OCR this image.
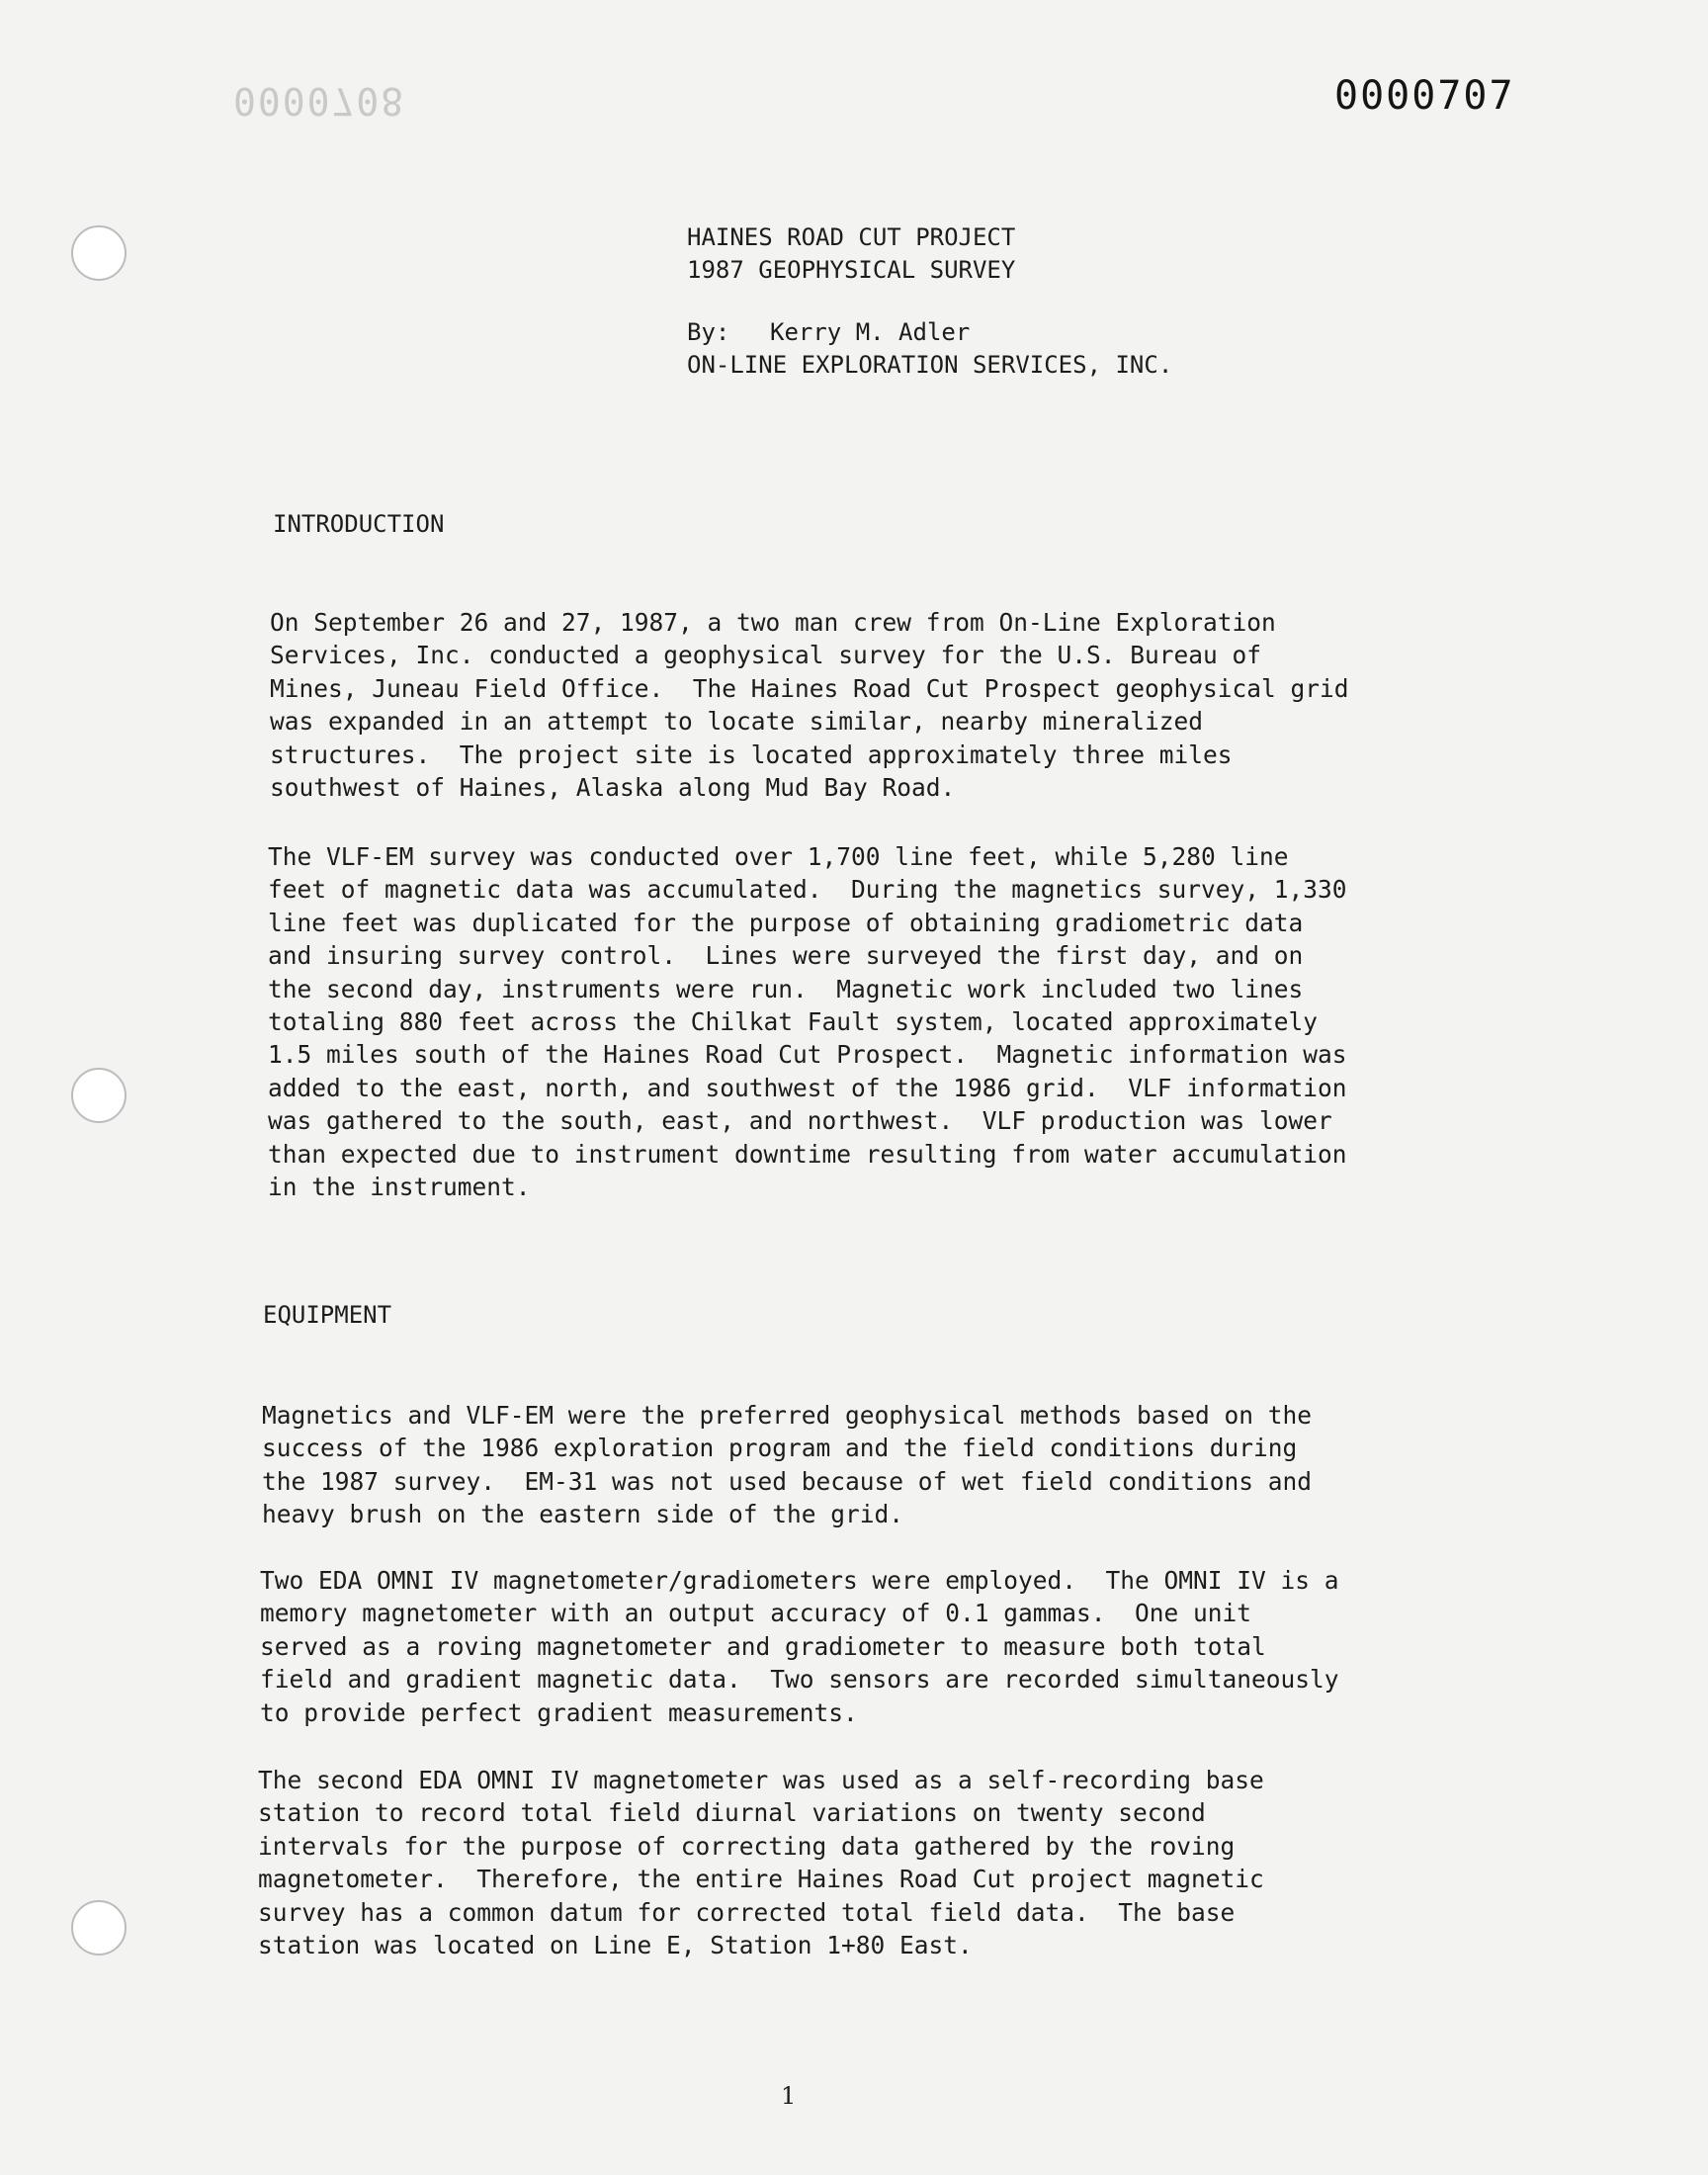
0000708	0000707
HAINES ROAD CUT PROJECT
1987 GEOPHYSICAL SURVEY
By: Kerry M. Adler
ON-LINE EXPLORATION SERVICES, INC.
INTRODUCTION
On September 26 and 27, 1987, a two man crew from On-Line Exploration
Services, Inc. conducted a geophysical survey for the U.S. Bureau of
Mines, Juneau Field Office.  The Haines Road Cut Prospect geophysical grid
was expanded in an attempt to locate similar, nearby mineralized
structures.  The project site is located approximately three miles
southwest of Haines, Alaska along Mud Bay Road.
The VLF-EM survey was conducted over 1,700 line feet, while 5,280 line
feet of magnetic data was accumulated.  During the magnetics survey, 1,330
line feet was duplicated for the purpose of obtaining gradiometric data
and insuring survey control.  Lines were surveyed the first day, and on
the second day, instruments were run.  Magnetic work included two lines
totaling 880 feet across the Chilkat Fault system, located approximately
1.5 miles south of the Haines Road Cut Prospect.  Magnetic information was
added to the east, north, and southwest of the 1986 grid.  VLF information
was gathered to the south, east, and northwest.  VLF production was lower
than expected due to instrument downtime resulting from water accumulation
in the instrument.
EQUIPMENT
Magnetics and VLF-EM were the preferred geophysical methods based on the
success of the 1986 exploration program and the field conditions during
the 1987 survey.  EM-31 was not used because of wet field conditions and
heavy brush on the eastern side of the grid.
Two EDA OMNI IV magnetometer/gradiometers were employed.  The OMNI IV is a
memory magnetometer with an output accuracy of 0.1 gammas.  One unit
served as a roving magnetometer and gradiometer to measure both total
field and gradient magnetic data.  Two sensors are recorded simultaneously
to provide perfect gradient measurements.
The second EDA OMNI IV magnetometer was used as a self-recording base
station to record total field diurnal variations on twenty second
intervals for the purpose of correcting data gathered by the roving
magnetometer.  Therefore, the entire Haines Road Cut project magnetic
survey has a common datum for corrected total field data.  The base
station was located on Line E, Station 1+80 East.
1
